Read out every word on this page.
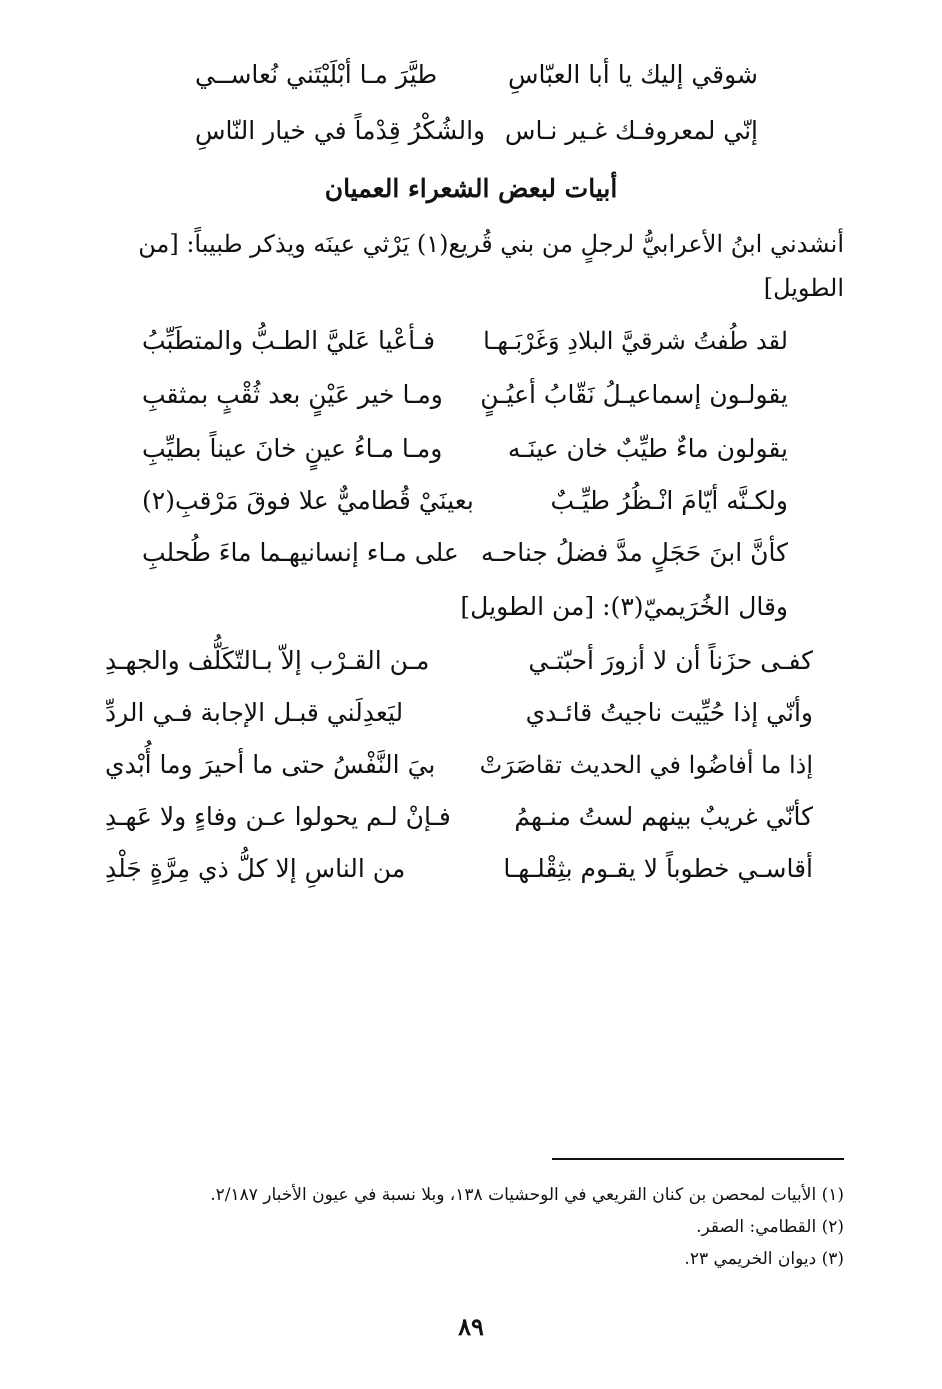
شوقي إليك يا أبا العبّاسِ
طيَّرَ مـا أبْلَيْتَني نُعاســي
إنّي لمعروفـك غـير نـاس
والشُكْرُ قِدْماً في خيار النّاسِ
أبيات لبعض الشعراء العميان
أنشدني ابنُ الأعرابيُّ لرجلٍ من بني قُريع(١) يَرْثي عينَه ويذكر طبيباً: [من
الطويل]
لقد طُفتُ شرقيَّ البلادِ وَغَرْبَـهـا
فـأعْيا عَليَّ الطـبُّ والمتطَبِّبُ
يقولـون إسماعيـلُ نَقّابُ أعيُـنٍ
ومـا خير عَيْنٍ بعد ثُقْبٍ بمثقبِ
يقولون ماءٌ طيِّبٌ خان عينَـه
ومـا مـاءُ عينٍ خانَ عيناً بطيِّبِ
ولكـنَّه أيّامَ انْـظُرُ طيِّـبٌ
بعينَيْ قُطاميٌّ علا فوقَ مَرْقبِ(٢)
كأنَّ ابنَ حَجَلٍ مدَّ فضلُ جناحـه
على مـاء إنسانيهـما ماءَ طُحلبِ
وقال الخُرَيميّ(٣): [من الطويل]
كفـى حزَناً أن لا أزورَ أحبّتـي
مـن القـرْب إلاّ بـالتّكَلُّف والجهـدِ
وأنّي إذا حُيِّيت ناجيتُ قائـدي
ليَعدِلَني قبـل الإجابة فـي الردِّ
إذا ما أفاضُوا في الحديث تقاصَرَتْ
بيَ النَّفْسُ حتى ما أحيرَ وما أُبْدي
كأنّي غريبٌ بينهم لستُ منـهمُ
فـإنْ لـم يحولوا عـن وفاءٍ ولا عَهـدِ
أقاسـي خطوباً لا يقـوم بثِقْلـهـا
من الناسِ إلا كلُّ ذي مِرَّةٍ جَلْدِ
(١) الأبيات لمحصن بن كنان القريعي في الوحشيات ١٣٨، وبلا نسبة في عيون الأخبار ٢/١٨٧.
(٢) القطامي: الصقر.
(٣) ديوان الخريمي ٢٣.
٨٩
